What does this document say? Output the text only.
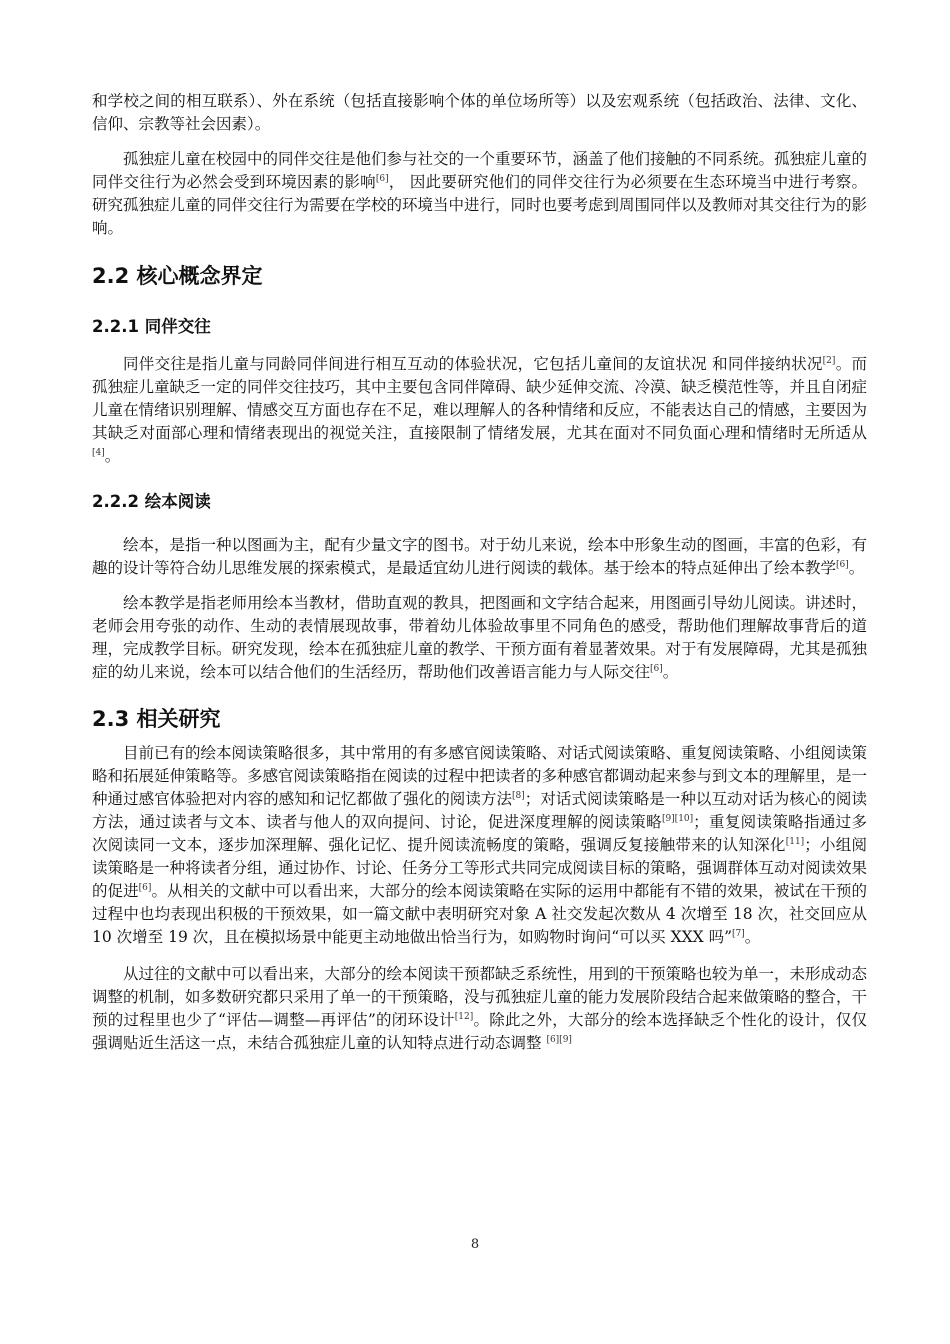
和学校之间的相互联系）、外在系统（包括直接影响个体的单位场所等）以及宏观系统（包括政治、法律、文化、信仰、宗教等社会因素）。

孤独症儿童在校园中的同伴交往是他们参与社交的一个重要环节，涵盖了他们接触的不同系统。孤独症儿童的同伴交往行为必然会受到环境因素的影响[6]， 因此要研究他们的同伴交往行为必须要在生态环境当中进行考察。研究孤独症儿童的同伴交往行为需要在学校的环境当中进行，同时也要考虑到周围同伴以及教师对其交往行为的影响。

2.2 核心概念界定
2.2.1 同伴交往

同伴交往是指儿童与同龄同伴间进行相互互动的体验状况，它包括儿童间的友谊状况 和同伴接纳状况[2]。而孤独症儿童缺乏一定的同伴交往技巧，其中主要包含同伴障碍、缺少延伸交流、冷漠、缺乏模范性等，并且自闭症儿童在情绪识别理解、情感交互方面也存在不足，难以理解人的各种情绪和反应，不能表达自己的情感，主要因为其缺乏对面部心理和情绪表现出的视觉关注，直接限制了情绪发展，尤其在面对不同负面心理和情绪时无所适从[4]。

2.2.2 绘本阅读

绘本，是指一种以图画为主，配有少量文字的图书。对于幼儿来说，绘本中形象生动的图画，丰富的色彩，有趣的设计等符合幼儿思维发展的探索模式，是最适宜幼儿进行阅读的载体。基于绘本的特点延伸出了绘本教学[6]。

绘本教学是指老师用绘本当教材，借助直观的教具，把图画和文字结合起来，用图画引导幼儿阅读。讲述时，老师会用夸张的动作、生动的表情展现故事，带着幼儿体验故事里不同角色的感受，帮助他们理解故事背后的道理，完成教学目标。研究发现，绘本在孤独症儿童的教学、干预方面有着显著效果。对于有发展障碍，尤其是孤独症的幼儿来说，绘本可以结合他们的生活经历，帮助他们改善语言能力与人际交往[6]。

2.3 相关研究

目前已有的绘本阅读策略很多，其中常用的有多感官阅读策略、对话式阅读策略、重复阅读策略、小组阅读策略和拓展延伸策略等。多感官阅读策略指在阅读的过程中把读者的多种感官都调动起来参与到文本的理解里，是一种通过感官体验把对内容的感知和记忆都做了强化的阅读方法[8]；对话式阅读策略是一种以互动对话为核心的阅读方法，通过读者与文本、读者与他人的双向提问、讨论，促进深度理解的阅读策略[9][10]；重复阅读策略指通过多次阅读同一文本，逐步加深理解、强化记忆、提升阅读流畅度的策略，强调反复接触带来的认知深化[11]；小组阅读策略是一种将读者分组，通过协作、讨论、任务分工等形式共同完成阅读目标的策略，强调群体互动对阅读效果的促进[6]。从相关的文献中可以看出来，大部分的绘本阅读策略在实际的运用中都能有不错的效果，被试在干预的过程中也均表现出积极的干预效果，如一篇文献中表明研究对象 A 社交发起次数从 4 次增至 18 次，社交回应从 10 次增至 19 次，且在模拟场景中能更主动地做出恰当行为，如购物时询问“可以买 XXX 吗”[7]。

从过往的文献中可以看出来，大部分的绘本阅读干预都缺乏系统性，用到的干预策略也较为单一，未形成动态调整的机制，如多数研究都只采用了单一的干预策略，没与孤独症儿童的能力发展阶段结合起来做策略的整合，干预的过程里也少了“评估—调整—再评估”的闭环设计[12]。除此之外，大部分的绘本选择缺乏个性化的设计，仅仅强调贴近生活这一点，未结合孤独症儿童的认知特点进行动态调整 [6][9]

8
